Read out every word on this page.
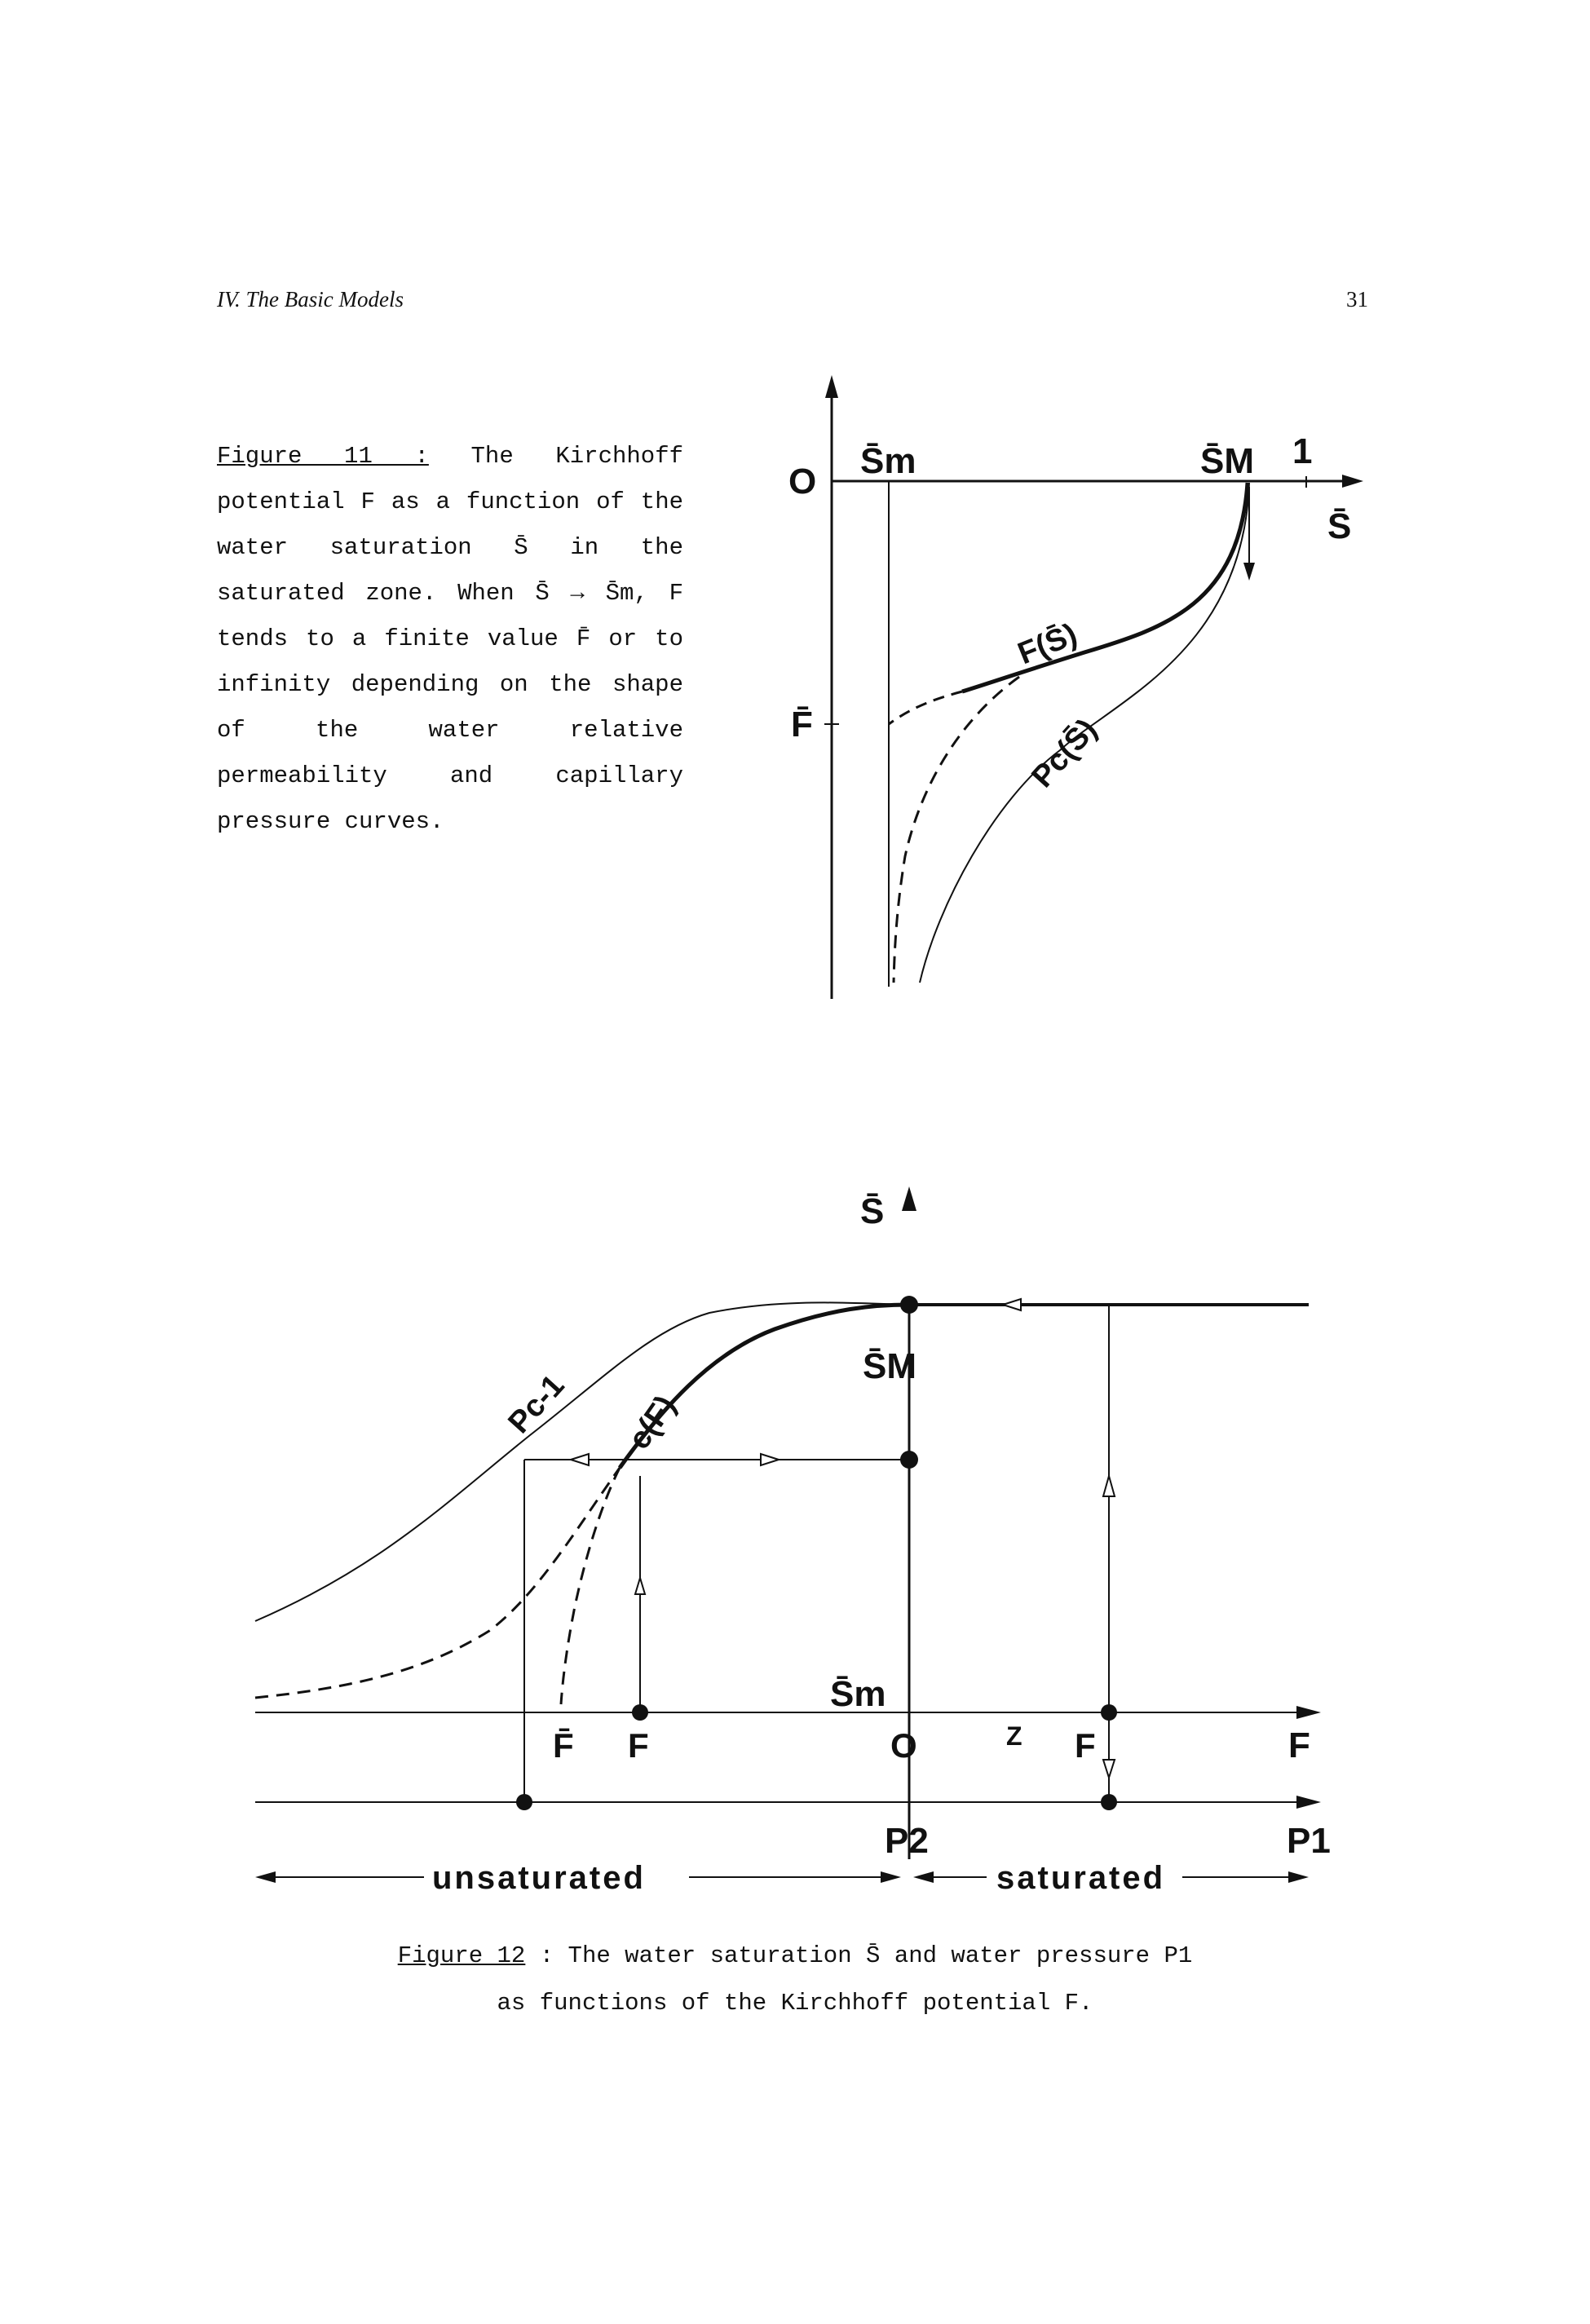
IV. The Basic Models	31
Figure 11 : The Kirchhoff potential F as a function of the water saturation S̄ in the saturated zone. When S̄ → S̄m, F tends to a finite value F̄ or to infinity depending on the shape of the water relative permeability and capillary pressure curves.
O
S̄m	S̄M 1
S̄
F̄
F(S̄)
Pc(S̄)
S̄
S̄M
S̄m
Pc-1 c(F)
F̄ F	O	Z F	F
P2	P1
unsaturated	saturated
Figure 12 : The water saturation S̄ and water pressure P1
as functions of the Kirchhoff potential F.
